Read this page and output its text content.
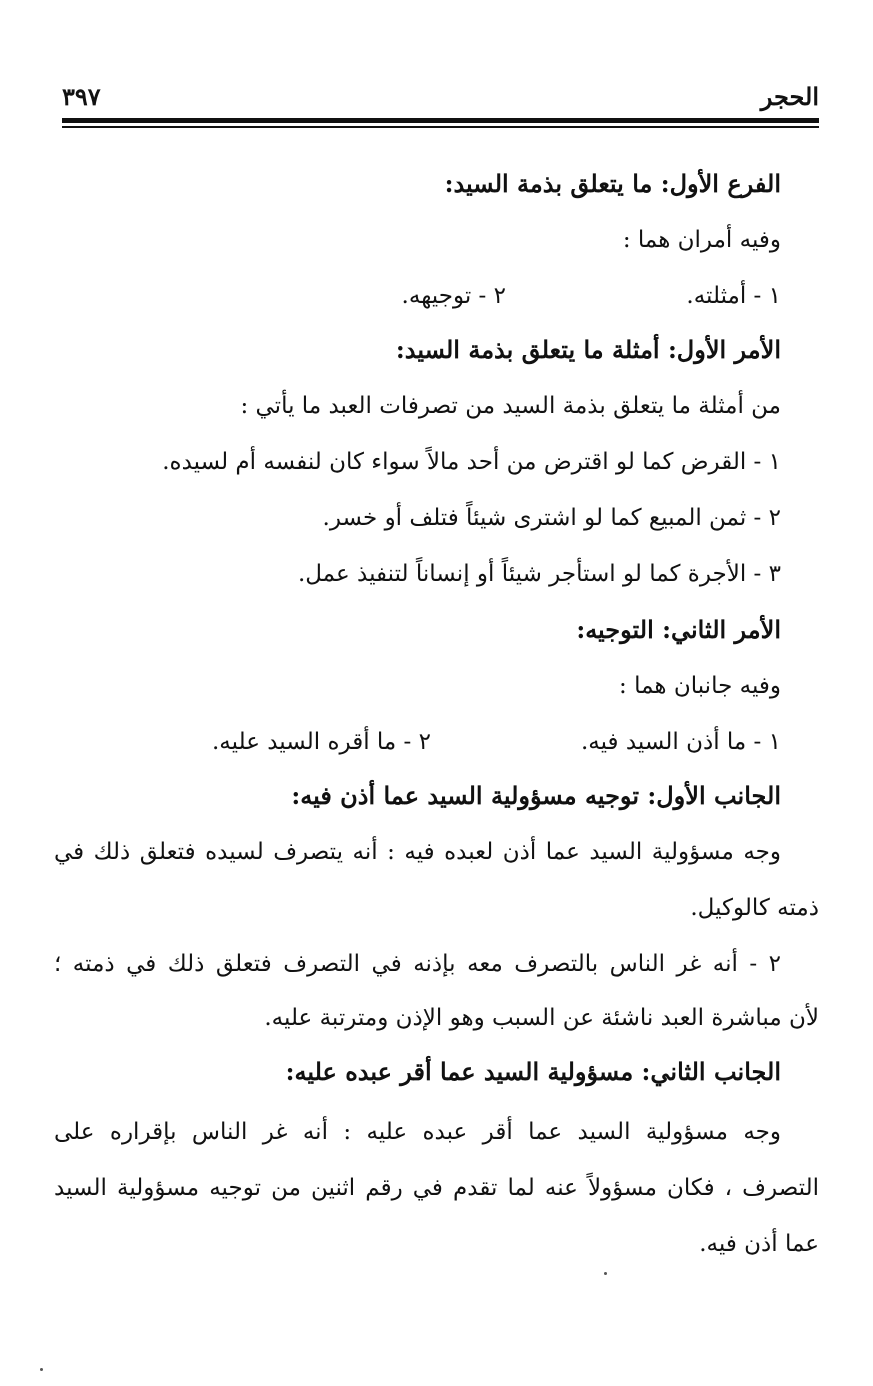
الحجر
٣٩٧
الفرع الأول: ما يتعلق بذمة السيد:
وفيه أمران هما :
١ - أمثلته.
٢ - توجيهه.
الأمر الأول: أمثلة ما يتعلق بذمة السيد:
من أمثلة ما يتعلق بذمة السيد من تصرفات العبد ما يأتي :
١ - القرض كما لو اقترض من أحد مالاً سواء كان لنفسه أم لسيده.
٢ - ثمن المبيع كما لو اشترى شيئاً فتلف أو خسر.
٣ - الأجرة كما لو استأجر شيئاً أو إنساناً لتنفيذ عمل.
الأمر الثاني: التوجيه:
وفيه جانبان هما :
١ - ما أذن السيد فيه.
٢ - ما أقره السيد عليه.
الجانب الأول: توجيه مسؤولية السيد عما أذن فيه:
وجه مسؤولية السيد عما أذن لعبده فيه : أنه يتصرف لسيده فتعلق ذلك في
ذمته كالوكيل.
٢ - أنه غر الناس بالتصرف معه بإذنه في التصرف فتعلق ذلك في ذمته ؛
لأن مباشرة العبد ناشئة عن السبب وهو الإذن ومترتبة عليه.
الجانب الثاني: مسؤولية السيد عما أقر عبده عليه:
وجه مسؤولية السيد عما أقر عبده عليه : أنه غر الناس بإقراره على
التصرف ، فكان مسؤولاً عنه لما تقدم في رقم اثنين من توجيه مسؤولية السيد
عما أذن فيه.
